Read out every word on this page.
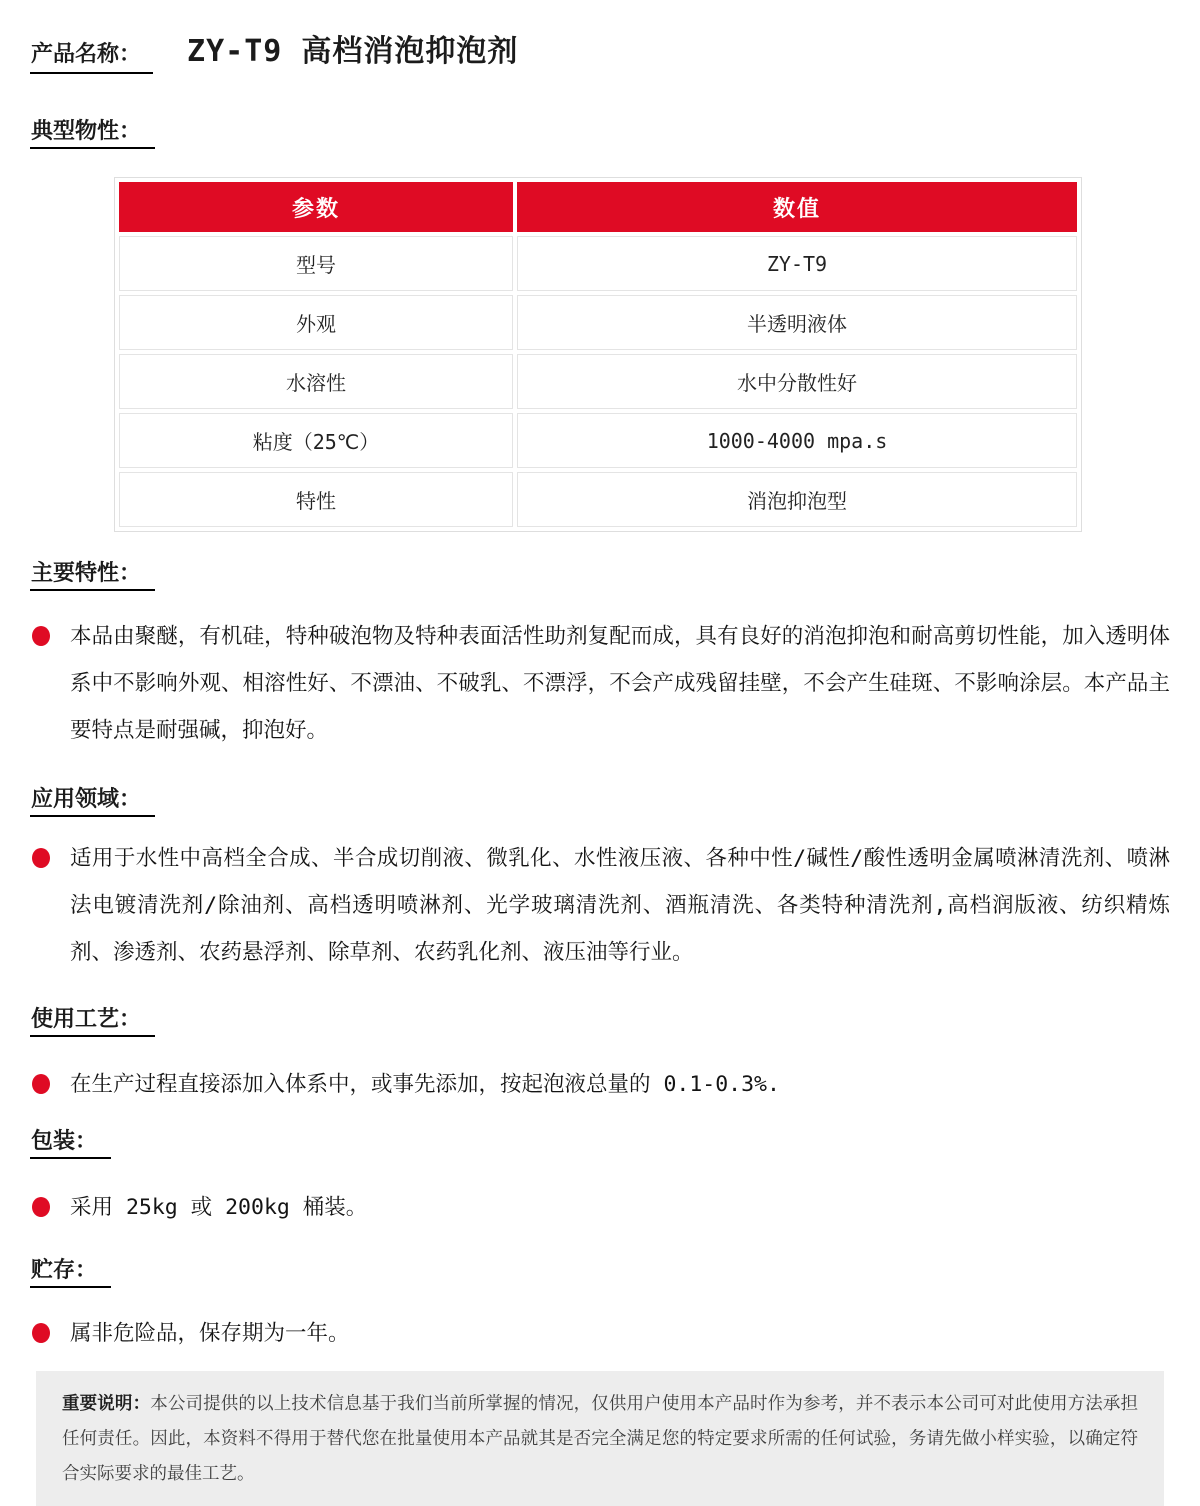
产品名称：	ZY-T9 高档消泡抑泡剂
典型物性：
参数	数值
型号	ZY-T9
外观	半透明液体
水溶性	水中分散性好
粘度（25℃）	1000-4000 mpa.s
特性	消泡抑泡型
主要特性：

本品由聚醚，有机硅，特种破泡物及特种表面活性助剂复配而成，具有良好的消泡抑泡和耐高剪切性能，加入透明体系中不影响外观、相溶性好、不漂油、不破乳、不漂浮，不会产成残留挂壁，不会产生硅斑、不影响涂层。本产品主要特点是耐强碱，抑泡好。

应用领域：

适用于水性中高档全合成、半合成切削液、微乳化、水性液压液、各种中性/碱性/酸性透明金属喷淋清洗剂、喷淋法电镀清洗剂/除油剂、高档透明喷淋剂、光学玻璃清洗剂、酒瓶清洗、各类特种清洗剂,高档润版液、纺织精炼剂、渗透剂、农药悬浮剂、除草剂、农药乳化剂、液压油等行业。

使用工艺：

在生产过程直接添加入体系中，或事先添加，按起泡液总量的 0.1-0.3%.

包装：

采用 25kg 或 200kg 桶装。

贮存：

属非危险品，保存期为一年。

重要说明：本公司提供的以上技术信息基于我们当前所掌握的情况，仅供用户使用本产品时作为参考，并不表示本公司可对此使用方法承担任何责任。因此，本资料不得用于替代您在批量使用本产品就其是否完全满足您的特定要求所需的任何试验，务请先做小样实验，以确定符合实际要求的最佳工艺。
